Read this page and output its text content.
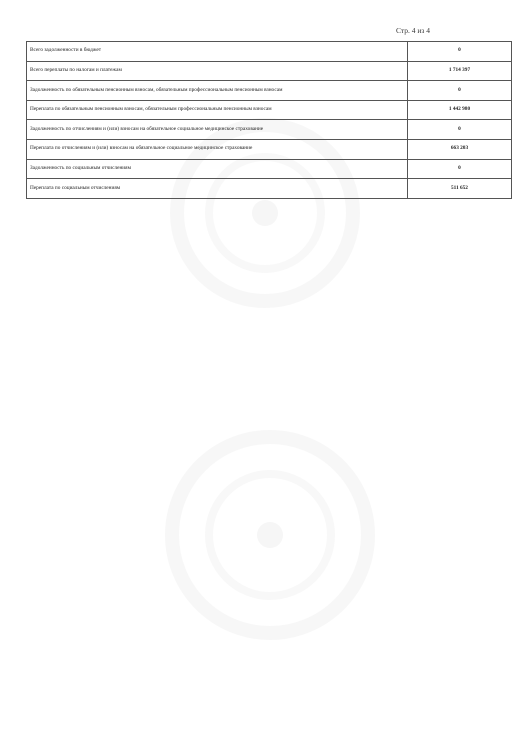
Стр. 4 из 4
Всего задолженности в бюджет	0
Всего переплаты по налогам и платежам	1 714 397
Задолженность по обязательным пенсионным взносам, обязательным профессиональным пенсионным взносам	0
Переплата по обязательным пенсионным взносам, обязательным профессиональным пенсионным взносам	1 442 980
Задолженность по отчислениям и (или) взносам на обязательное социальное медицинское страхование	0
Переплата по отчислениям и (или) взносам на обязательное социальное медицинское страхование	663 203
Задолженность по социальным отчислениям	0
Переплата по социальным отчислениям	511 652
